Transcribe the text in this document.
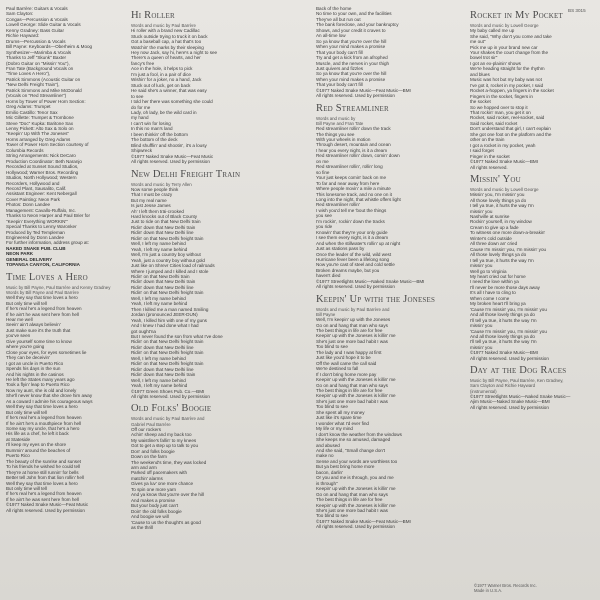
BS 3015
Paul Barrère: Guitars & Vocals
Sam Clayton:
Congas—Percussion & Vocals
Lowell George: Slide Guitar & Vocals
Kenny Gradney: Bass Guitar
Richie Hayward:
Drums—Percussion & Vocals
Bill Payne: Keyboards—Oberheim & Moog
Synthesizer—Marimba & Vocals
Thanks to Jeff "Skunk" Baxter
(Dobro Guitar on "Missin' You"),
Fran Tate (Background Vocals on
"Time Loves A Hero"),
Patrick Simmons (Acoustic Guitar on
"New Delhi Freight Train"),
Patrick Simmons and Mike McDonald
(Vocals on "Red Streamliner")
Horns by Tower of Power Horn Section:
Greg Adams: Trumpet
Emilio Castillo: Tenor Sax
Mic Gillette: Trumpet & Trombone
Steve "Doc" Kupka: Baritone Sax
Lenny Pickett: Alto Sax & Solo on
"Keepin' Up With The Joneses"
Horns arranged by Greg Adams
Tower of Power Horn Section courtesy of
Columbia Records
String Arrangements: Nick DeCaro
Production Coordinator: Beth Naranjo
Recorded at Sunset Sound Studios,
Hollywood; Warner Bros. Recording
Studios, North Hollywood; Western
Recorders, Hollywood and
Record Plant, Sausalito, Calif.
Assistant Engineer: Kent Nebergall
Cover Painting: Neon Park
Photos: Donn Landee
Management: Cavallo-Ruffalo, Inc.
Thanks to Neon Harper and Paul Brier for
"Keepin' Everything WORKIN'"
Special Thanks to Lenny Waronker
Produced by Ted Templeman
Engineered by Donn Landee
For further information, address group at:
NAKED SNAKE PUB. CLUB
NEON PARK
GENERAL DELIVERY
TOPANGA CANYON, CALIFORNIA
Time Loves a Hero
Music by Bill Payne, Paul Barrère and Kenny Gradney
Words by Bill Payne and Paul Barrère
Well they say that time loves a hero
But only time will tell
If he's real he's a legend from heaven
If he ain't he was sent here from hell
Hear me well
Seein' ain't always believin'
Just make sure it's the truth that
you've seen
Give yourself some time to know
where you're going
Close your eyes, for eyes sometimes lie
They can be deceivin'
I got an uncle in Puerto Rico
Spends his days in the sun
And his nights in the casinos
He left the States many years ago
Took a flyin' leap to Puerto Rico
Now my aunt, she is old and lonely
She'll never know that she drove him away
As a coward I admire his courageous ways
Well they say that time loves a hero
But only time will tell
If he's real he's a legend from heaven
If he ain't he's a mouthpiece from hell
Some say my uncle, that he's a hero
His life as a chef, he left it back
at Stateside
I'll keep my eyes on the shore
Bummin' around the beaches of
Puerto Rico
The beauty of the sunrise and sunset
To his friends he wished he could tell
They're at home still runnin' for bells
Better tell John from that lion rollin' hell
Well they say that time loves a hero
But only time will tell
If he's real he's a legend from heaven
If he ain't he was sent here from hell
©1977 Naked Snake Music—Feat Music
All rights reserved. Used by permission
Hi Roller
Words and music by Paul Barrère
Hi roller with a brand new Cadillac
Stuck outside trying to truck it on back
Got a baseball cap, a hat that's too
Watchin' the marks by their sleeping
Hey now Jack, say hi, here's a night to see
There's a queen of hearts, and her
fancy's free
Ace in the hole, it helps to pick
I'm just a fool, in a pair of dice
Wishin' for a joker, no a hand, Jack
Stuck out of luck, get on back
He said she's a winner, that was easy
to see
I told her there was something she could
do for me
Lady, oh lady, be the wild card in
my hand
I can't win for losing
In this no man's land
I been thinkin' off the bottom
The bottom of the deck
Blind shufflin' and shootin', it's a lousy
Shipwreck
©1977 Naked Snake Music—Feat Music
All rights reserved. Used by permission
New Delhi Freight Train
Words and music by Terry Allen
Now some people think
That I must be crazy
But my real name
Is just Jesse James
Ah' I left them träi-crooked
Hard knocks out of Black County
Just to ride on that New Delhi train
Ridin' down that New Delhi train
Ridin' down that New Delhi line
Ridin' on that New Delhi freight train
Well, I left my name behind
Yeah, I left my name behind
Well, I'm just a country boy without
Yeah, just a country boy without gold
Just like on Shrevr Cities load of railroads
Where I jumped and I killed and I stole
Ridin' on that New Delhi train
Ridin' down that New Delhi train
Ridin' down that New Delhi line
Ridin' on that New Delhi freight train
Well, I left my name behind
Yeah, I left my name behind
Then I killed me a man named Smiling
Jordan (pronounced JEER-DUN)
Yeah, I killed him with one of my guns
And I knew I had done what I had
got ought'na
But I never found the son from what I've done
Ridin' on that New Delhi freight train
Ridin' down that New Delhi line
Ridin' on that New Delhi freight train
Well, I left my name behind
Ridin' on that New Delhi freight train
Ridin' down that New Delhi line
Ridin' down that New Delhi train
Well, I left my name behind
Yeah, I left my name behind
©1977 Green Shoes Pub. Co.—BMI
All rights reserved. Used by permission
Old Folks' Boogie
Words and music by Paul Barrère and
Gabriel Paul Barrère
Off our rockers
Achin' sheep and my back too
My waistline's fallin' to my knees
Got to get a step up to talk to you
Don' and folks boogie
Down on the farm
The weekend's time, they was locked
arm and arm
Parked off pacemakers with
matchin' alarms
Gives ya luv' one more chance
To spin one more yarn
And ya know that you're over the hill
And makes a promise
But your body just can't
Doin' the old folks boogie
And boogie we will
'Cause to us the thought's as good
as the thrill
Back of the home
No time to your own, and the facilities
They've all but run out
The bank foreclose, and your bankruptcy
Shows, and your credit it craves to
An all-time low
So ya know that you're over the hill
When your mind makes a promise
That your body can't fill
Try and get a kick from an afrophed
Muscle, and the nerves in your thigh
Just quivers and fizzles
So ya know that you're over the hill
When your mind makes a promise
That your body can't fill
©1977 Naked Snake Music—Feat Music—BMI
All rights reserved. Used by permission
Red Streamliner
Words and music by
Bill Payne and Fran Tate
Red streamliner rollin' down the track
The things you see
With your wheels in motion
Through desert, mountain and ocean
I hear you every night, is it a dream
Red streamliner rollin' down, comin' down
on me
Red streamliner rollin', rollin' long
so fine
Your just keeps comin' back on me
To far and near away from here
Where people movin' a mile a minute
This lonesome track, and no one on it
Long into the night, that whistle offers light
Red streamliner rollin'
I wish you'd tell me 'bout the things
you see
I'm rockin', rockin' down the tracks
you ride
Knowin' that they're your only guide
I see them every night, is it a dream
And when the stillwater's rollin' up at night
Just as stations pass by
Once the leader of the wild, wild west
Hurricane fever been a lifelong song
Now you're cast of steel and cold settle
Broken dreams maybe, but you
haven't died
©1977 Streetlights Music—Naked Snake Music—BMI
All rights reserved. Used by permission
Keepin' Up with the Joneses
Words and music by Paul Barrère and
Bill Payne
Well, I'm keepin' up with the Joneses
Go on and hang that man who says
The best things in life are for free
Keepin' up with the Joneses is killin' me
She's just one more bad habit I was
Too blind to see
The lady and I was happy at first
Just like you'd hope it to be
Off the wall came the call said
We're destined to fall
If I don't bring home more pay
Keepin' up with the Joneses is killin' me
Go on and hang that man who says
The best things in life are for free
Keepin' up with the Joneses is killin' me
She's just one more bad habit I was
Too blind to see
She spent all my money
Just like it's spare time
I wonder what I'd ever find
My life or my mind
I don't know the weather from the windows
She keeps me so amused, damaged
and abused
And she said, "Small change don't
make no
Sense and your words are worthless too
But ya best bring home more
bacon, darlin'
Or you and me is through, you and me
is through"
Keepin' up with the Joneses is killin' me
Go on and hang that man who says
The best things in life are for free
Keepin' up with the Joneses is killin' me
She's just one more bad habit I was
Too blind to see
©1977 Naked Snake Music—Feat Music—BMI
All rights reserved. Used by permission
Rocket in My Pocket
Words and music by Lowell George
My baby called me up
She said, "Why don't you come and take
me out"
Pick me up in your brand new car
Your shakes the court change from the
bowel trot sir"
I got an ex-plainin' shows
We're heading straight for the rhythm
and blues
Music was hot but my baby was not
I've got it, rocket in my pocket, I said
Rocket a-hoppen, ya fingers in the socket
Fingers in the socket, fingers in
the socket
So we hopped over to stop it
That rockin' man, you get it on
Rocket, said rocket, reel-socket, said
Said rocket, said rocket
Don't understand that girl, I can't explain
She got one foot on the platform and the
other on the train
I got a rocket in my pocket, yeah
I said forget
Finger in the socket
©1977 Naked Snake Music—BMI
All rights reserved.
Missin' You
Words and music by Lowell George
Missin' you, I'm missin' you
All those lovely things ya do
I tell ya true, it hurts the way I'm
missin' you
Nashville at sunrise
Rockin' yourself, in my window
Cream to give up a fade
To witness one more down-a-breakin'
Winter's cold outside
All three down an' cried
Cause I'm missin' you, I'm missin' you
All those lovely things ya do
I tell ya true, it hurts the way I'm
missin' you
Well go to Virginia
My heart cried out for home
I need the love within ya
I'll never be more those days away
It's all I have to cling to
When come I come
My broken heart I'll bring ya
'Cause I'm missin' you, I'm missin' you
And all those lovely things ya do
I'll tell ya true, it hurts the way I'm
missin' you
'Cause I'm missin' you, I'm missin' you
And all those lovely things ya do
I'll tell ya true, it hurts the way I'm
missin' you
©1977 Naked Snake Music—BMI
All rights reserved. Used by permission
Day at the Dog Races
Music by Bill Payne, Paul Barrère, Ken Gradney,
Sam Clayton and Richie Hayward
(instrumental)
©1977 Streetlights Music—Naked Snake Music—
Ajim Music—Naked Snake Music—BMI
All rights reserved. Used by permission
©1977 Warner Bros. Records Inc.
Made in U.S.A.
